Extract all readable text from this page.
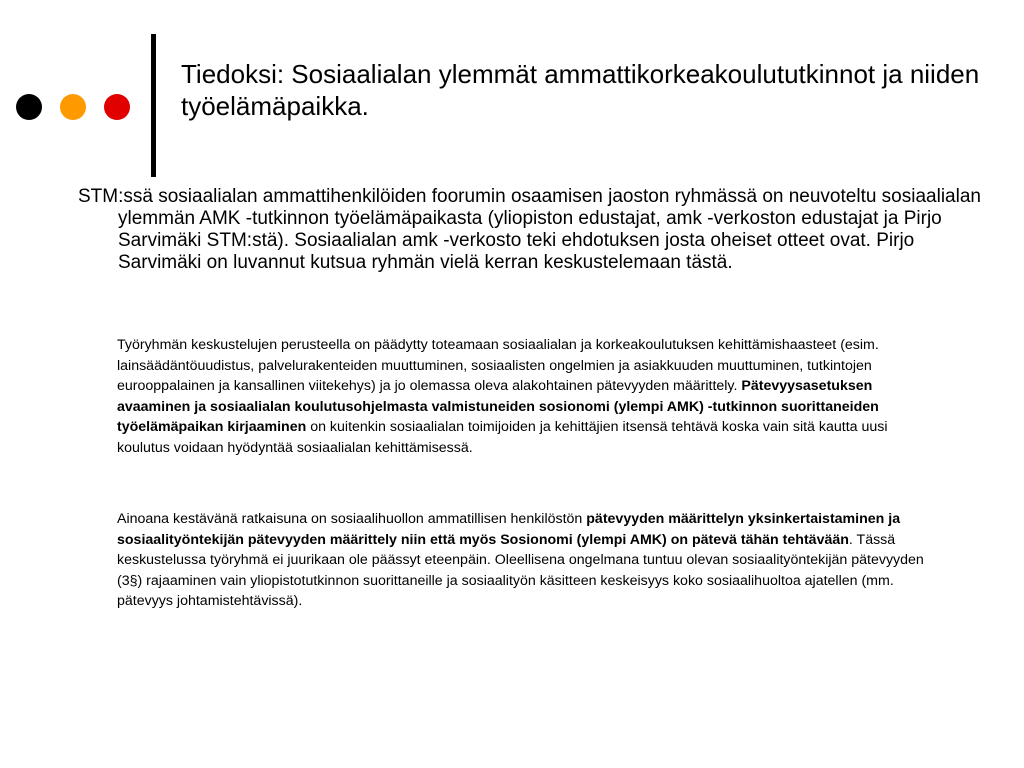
Tiedoksi: Sosiaalialan ylemmät ammattikorkeakoulututkinnot ja niiden työelämäpaikka.

STM:ssä sosiaalialan ammattihenkilöiden foorumin osaamisen jaoston ryhmässä on neuvoteltu sosiaalialan ylemmän AMK -tutkinnon työelämäpaikasta (yliopiston edustajat, amk -verkoston edustajat ja Pirjo Sarvimäki STM:stä). Sosiaalialan amk -verkosto teki ehdotuksen josta oheiset otteet ovat. Pirjo Sarvimäki on luvannut kutsua ryhmän vielä kerran keskustelemaan tästä.

Työryhmän keskustelujen perusteella on päädytty toteamaan sosiaalialan ja korkeakoulutuksen kehittämishaasteet (esim. lainsäädäntöuudistus, palvelurakenteiden muuttuminen, sosiaalisten ongelmien ja asiakkuuden muuttuminen, tutkintojen eurooppalainen ja kansallinen viitekehys) ja jo olemassa oleva alakohtainen pätevyyden määrittely. Pätevyysasetuksen avaaminen ja sosiaalialan koulutusohjelmasta valmistuneiden sosionomi (ylempi AMK) -tutkinnon suorittaneiden työelämäpaikan kirjaaminen on kuitenkin sosiaalialan toimijoiden ja kehittäjien itsensä tehtävä koska vain sitä kautta uusi koulutus voidaan hyödyntää sosiaalialan kehittämisessä.

Ainoana kestävänä ratkaisuna on sosiaalihuollon ammatillisen henkilöstön pätevyyden määrittelyn yksinkertaistaminen ja sosiaalityöntekijän pätevyyden määrittely niin että myös Sosionomi (ylempi AMK) on pätevä tähän tehtävään. Tässä keskustelussa työryhmä ei juurikaan ole päässyt eteenpäin. Oleellisena ongelmana tuntuu olevan sosiaalityöntekijän pätevyyden (3§) rajaaminen vain yliopistotutkinnon suorittaneille ja sosiaalityön käsitteen keskeisyys koko sosiaalihuoltoa ajatellen (mm. pätevyys johtamistehtävissä).
